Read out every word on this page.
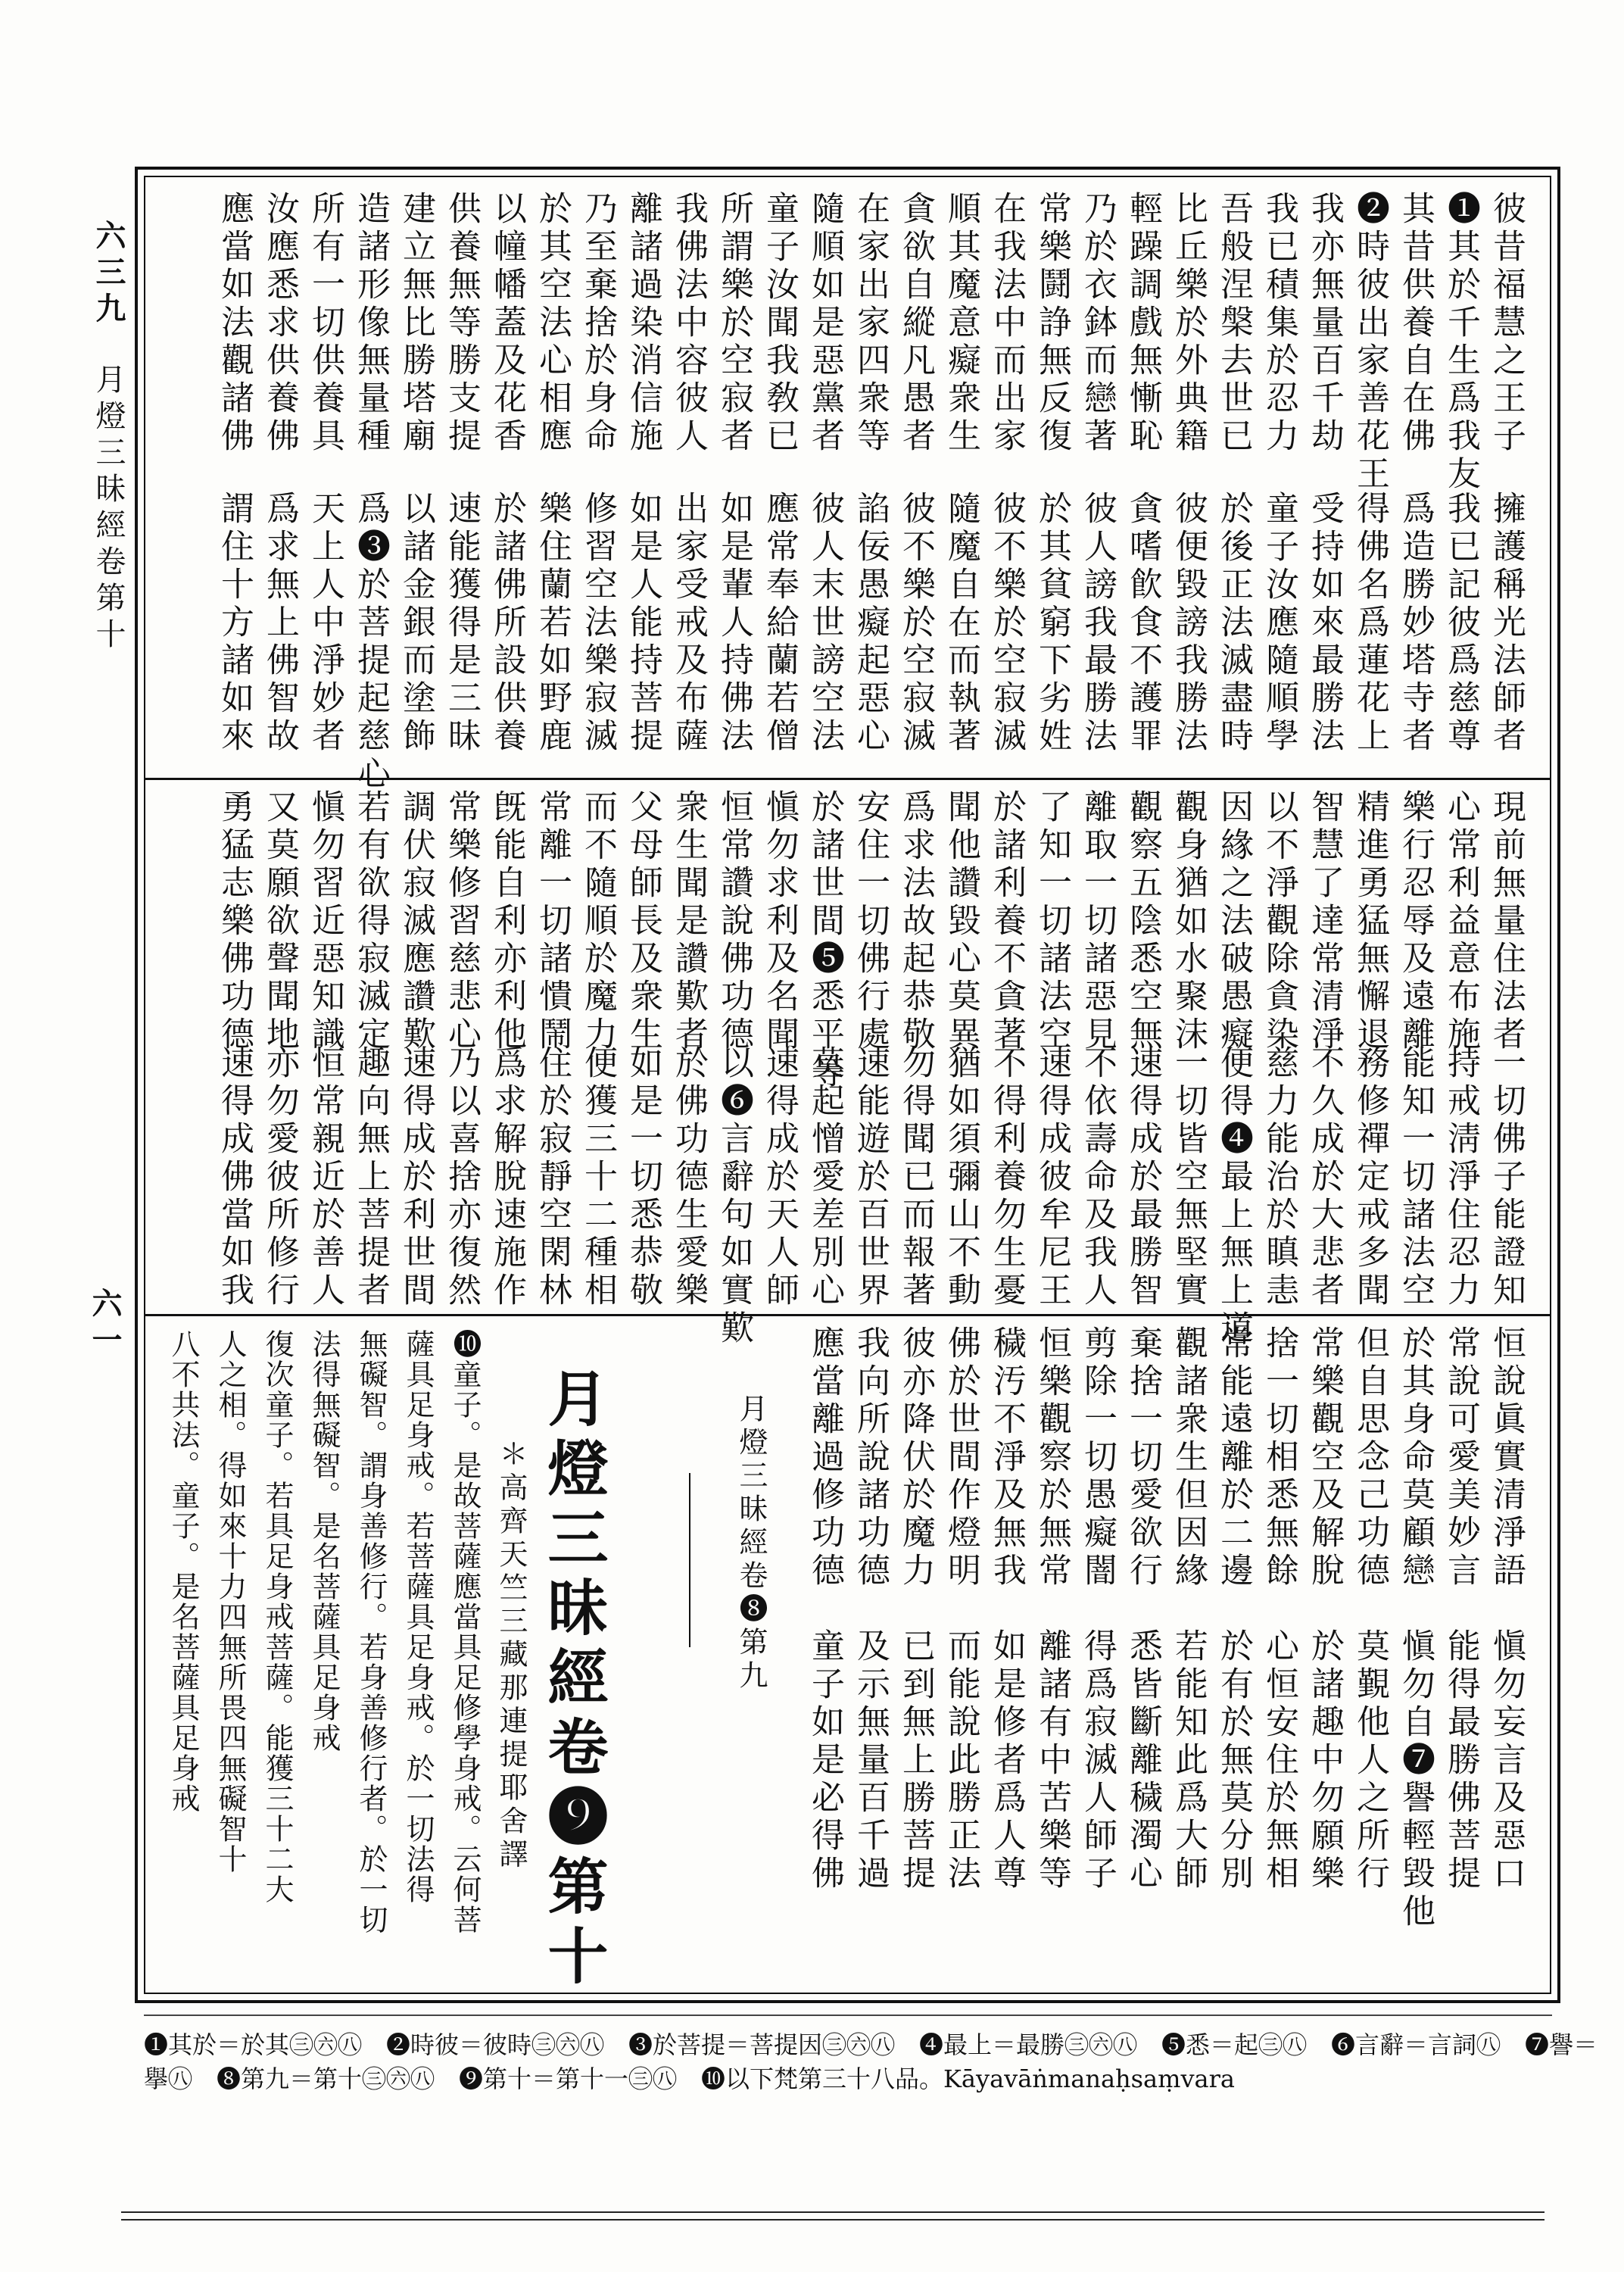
六三九
月燈三昧經卷第十
六一
彼昔福慧之王子
❶其於千生爲我友
其昔供養自在佛
❷時彼出家善花王
我亦無量百千劫
我已積集於忍力
吾般涅槃去世已
比丘樂於外典籍
輕躁調戲無慚恥
乃於衣鉢而戀著
常樂鬪諍無反復
在我法中而出家
順其魔意癡衆生
貪欲自縱凡愚者
在家出家四衆等
隨順如是惡黨者
童子汝聞我敎已
所謂樂於空寂者
我佛法中容彼人
離諸過染消信施
乃至棄捨於身命
於其空法心相應
以幢幡蓋及花香
供養無等勝支提
建立無比勝塔廟
造諸形像無量種
所有一切供養具
汝應悉求供養佛
應當如法觀諸佛
擁護稱光法師者
我已記彼爲慈尊
爲造勝妙塔寺者
得佛名爲蓮花上
受持如來最勝法
童子汝應隨順學
於後正法滅盡時
彼便毀謗我勝法
貪嗜飮食不護罪
彼人謗我最勝法
於其貧窮下劣姓
彼不樂於空寂滅
隨魔自在而執著
彼不樂於空寂滅
諂佞愚癡起惡心
彼人末世謗空法
應常奉給蘭若僧
如是輩人持佛法
出家受戒及布薩
如是人能持菩提
修習空法樂寂滅
樂住蘭若如野鹿
於諸佛所設供養
速能獲得是三昧
以諸金銀而塗飾
爲❸於菩提起慈心
天上人中淨妙者
爲求無上佛智故
謂住十方諸如來
現前無量住法者
心常利益意布施
樂行忍辱及遠離
精進勇猛無懈退
智慧了達常清淨
以不淨觀除貪染
因緣之法破愚癡
觀身猶如水聚沫
觀察五陰悉空無
離取一切諸惡見
了知一切諸法空
於諸利養不貪著
聞他讚毀心莫異
爲求法故起恭敬
安住一切佛行處
於諸世間❺悉平等
愼勿求利及名聞
恒常讚說佛功德
衆生聞是讚歎者
父母師長及衆生
而不隨順於魔力
常離一切諸憒鬧
旣能自利亦利他
常樂修習慈悲心
調伏寂滅應讚歎
若有欲得寂滅定
愼勿習近惡知識
又莫願欲聲聞地
勇猛志樂佛功德
一切佛子能證知
持戒淸淨住忍力
能知一切諸法空
務修禪定戒多聞
不久成於大悲者
慈力能治於瞋恚
便得❹最上無上道
一切皆空無堅實
速得成於最勝智
不依壽命及我人
速得成彼牟尼王
不得利養勿生憂
猶如須彌山不動
勿得聞已而報著
速能遊於百世界
莫起憎愛差別心
速得成於天人師
以❻言辭句如實歎
於佛功德生愛樂
如是一切悉恭敬
便獲三十二種相
住於寂靜空閑林
爲求解脫速施作
乃以喜捨亦復然
速得成於利世間
趣向無上菩提者
恒常親近於善人
亦勿愛彼所修行
速得成佛當如我
恒說眞實清淨語
常說可愛美妙言
於其身命莫顧戀
但自思念己功德
常樂觀空及解脫
捨一切相悉無餘
常能遠離於二邊
觀諸衆生但因緣
棄捨一切愛欲行
剪除一切愚癡闇
恒樂觀察於無常
穢汚不淨及無我
佛於世間作燈明
彼亦降伏於魔力
我向所說諸功德
應當離過修功德
愼勿妄言及惡口
能得最勝佛菩提
愼勿自❼譽輕毀他
莫覲他人之所行
於諸趣中勿願樂
心恒安住於無相
於有於無莫分別
若能知此爲大師
悉皆斷離穢濁心
得爲寂滅人師子
離諸有中苦樂等
如是修者爲人尊
而能說此勝正法
已到無上勝菩提
及示無量百千過
童子如是必得佛
月燈三昧經卷❽第九
月燈三昧經卷❾第十
＊高齊天竺三藏那連提耶舍譯
❿童子。是故菩薩應當具足修學身戒。云何菩
薩具足身戒。若菩薩具足身戒。於一切法得
無礙智。謂身善修行。若身善修行者。於一切
法得無礙智。是名菩薩具足身戒
復次童子。若具足身戒菩薩。能獲三十二大
人之相。得如來十力四無所畏四無礙智十
八不共法。童子。是名菩薩具足身戒
❶其於＝於其㊂㊅㊇　❷時彼＝彼時㊂㊅㊇　❸於菩提＝菩提因㊂㊅㊇　❹最上＝最勝㊂㊅㊇　❺悉＝起㊂㊇　❻言辭＝言詞㊇　❼譽＝
擧㊇　❽第九＝第十㊂㊅㊇　❾第十＝第十一㊂㊇　❿以下梵第三十八品。Kāyavāṅmanaḥsaṃvara
